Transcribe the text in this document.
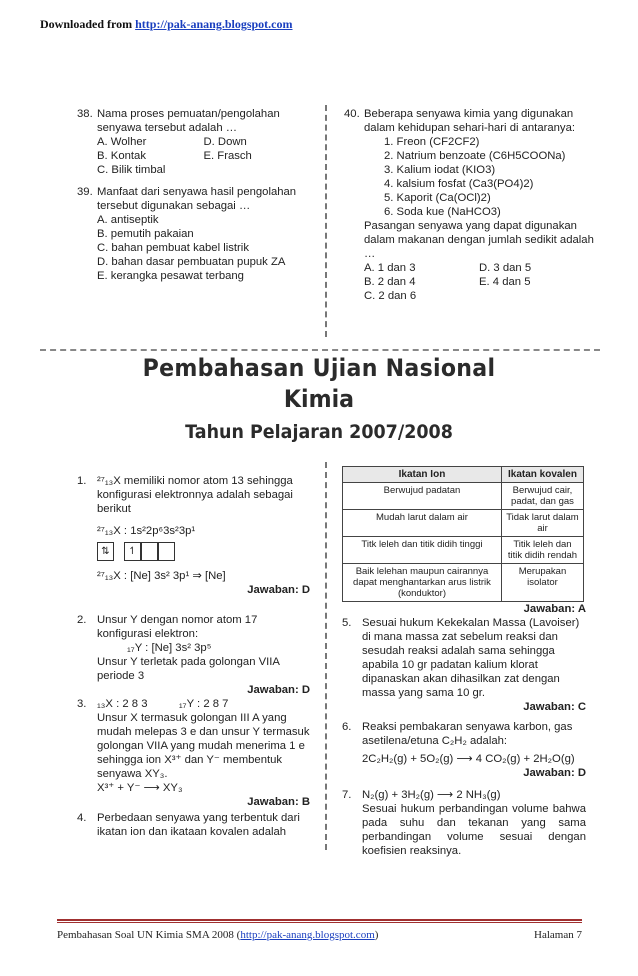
Downloaded from http://pak-anang.blogspot.com
38. Nama proses pemuatan/pengolahan senyawa tersebut adalah …
A. Wolher	D. Down
B. Kontak	E. Frasch
C. Bilik timbal
39. Manfaat dari senyawa hasil pengolahan tersebut digunakan sebagai …
A. antiseptik
B. pemutih pakaian
C. bahan pembuat kabel listrik
D. bahan dasar pembuatan pupuk ZA
E. kerangka pesawat terbang
40. Beberapa senyawa kimia yang digunakan dalam kehidupan sehari-hari di antaranya:
1. Freon (CF2CF2)
2. Natrium benzoate (C6H5COONa)
3. Kalium iodat (KIO3)
4. kalsium fosfat (Ca3(PO4)2)
5. Kaporit (Ca(OCl)2)
6. Soda kue (NaHCO3)
Pasangan senyawa yang dapat digunakan dalam makanan dengan jumlah sedikit adalah …
A. 1 dan 3	D. 3 dan 5
B. 2 dan 4	E. 4 dan 5
C. 2 dan 6
Pembahasan Ujian Nasional
Kimia
Tahun Pelajaran 2007/2008
1. ²⁷₁₃X memiliki nomor atom 13 sehingga konfigurasi elektronnya adalah sebagai berikut
²⁷₁₃X : 1s²2p⁶3s²3p¹
⇅	↿
²⁷₁₃X : [Ne] 3s² 3p¹ ⇒ [Ne]
Jawaban: D
2. Unsur Y dengan nomor atom 17 konfigurasi elektron:
₁₇Y : [Ne] 3s² 3p⁵
Unsur Y terletak pada golongan VIIA periode 3
Jawaban: D
3. ₁₃X : 2 8 3          ₁₇Y : 2 8 7
Unsur X termasuk golongan III A yang mudah melepas 3 e dan unsur Y termasuk golongan VIIA yang mudah menerima 1 e sehingga ion X³⁺ dan Y⁻ membentuk senyawa XY₃.
X³⁺ + Y⁻ ⟶ XY₃
Jawaban: B
4. Perbedaan senyawa yang terbentuk dari ikatan ion dan ikataan kovalen adalah
Ikatan Ion	Ikatan kovalen
Berwujud padatan	Berwujud cair, padat, dan gas
Mudah larut dalam air	Tidak larut dalam air
Titk leleh dan titik didih tinggi	Titik leleh dan titik didih rendah
Baik lelehan maupun cairannya dapat menghantarkan arus listrik (konduktor)	Merupakan isolator
Jawaban: A
5. Sesuai hukum Kekekalan Massa (Lavoiser) di mana massa zat sebelum reaksi dan sesudah reaksi adalah sama sehingga apabila 10 gr padatan kalium klorat dipanaskan akan dihasilkan zat dengan massa yang sama 10 gr.
Jawaban: C
6. Reaksi pembakaran senyawa karbon, gas asetilena/etuna C₂H₂ adalah:
2C₂H₂(g) + 5O₂(g) ⟶ 4 CO₂(g) + 2H₂O(g)
Jawaban: D
7. N₂(g) + 3H₂(g) ⟶ 2 NH₃(g)
Sesuai hukum perbandingan volume bahwa pada suhu dan tekanan yang sama perbandingan volume sesuai dengan koefisien reaksinya.
Pembahasan Soal UN Kimia SMA 2008 (http://pak-anang.blogspot.com)	Halaman 7
